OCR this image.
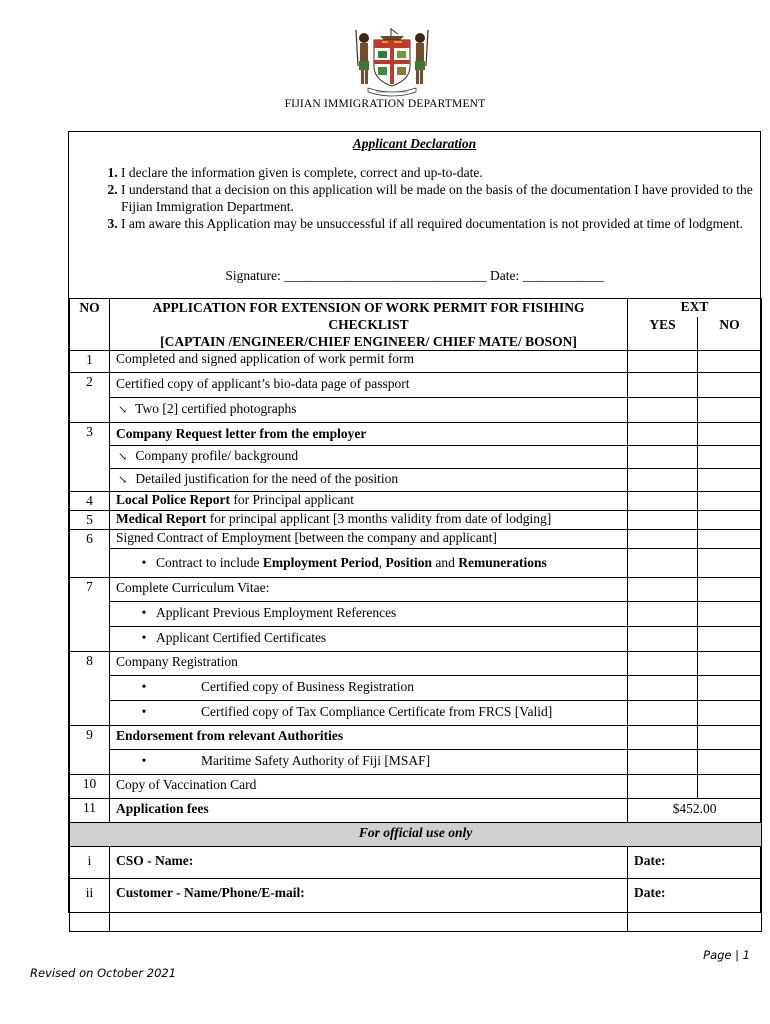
FIJIAN IMMIGRATION DEPARTMENT
Applicant Declaration
1. I declare the information given is complete, correct and up-to-date.
2. I understand that a decision on this application will be made on the basis of the documentation I have provided to the Fijian Immigration Department.
3. I am aware this Application may be unsuccessful if all required documentation is not provided at time of lodgment.
Signature: ______________________________ Date: ____________
NO	APPLICATION FOR EXTENSION OF WORK PERMIT FOR FISIHING
CHECKLIST
[CAPTAIN /ENGINEER/CHIEF ENGINEER/ CHIEF MATE/ BOSON]	EXT	
		YES	NO
1	Completed and signed application of work permit form		
2	Certified copy of applicant’s bio-data page of passport		
	↘ Two [2] certified photographs		
3	Company Request letter from the employer		
	↘ Company profile/ background		
	↘ Detailed justification for the need of the position		
4	Local Police Report for Principal applicant		
5	Medical Report for principal applicant [3 months validity from date of lodging]		
6	Signed Contract of Employment [between the company and applicant]		
	• Contract to include Employment Period, Position and Remunerations		
7	Complete Curriculum Vitae:		
	• Applicant Previous Employment References		
	• Applicant Certified Certificates		
8	Company Registration		
	• Certified copy of Business Registration		
	• Certified copy of Tax Compliance Certificate from FRCS [Valid]		
9	Endorsement from relevant Authorities		
	• Maritime Safety Authority of Fiji [MSAF]		
10	Copy of Vaccination Card		
11	Application fees	$452.00	
For official use only			
i	CSO - Name:	Date:	
ii	Customer - Name/Phone/E-mail:	Date:	
Page | 1
Revised on October 2021
